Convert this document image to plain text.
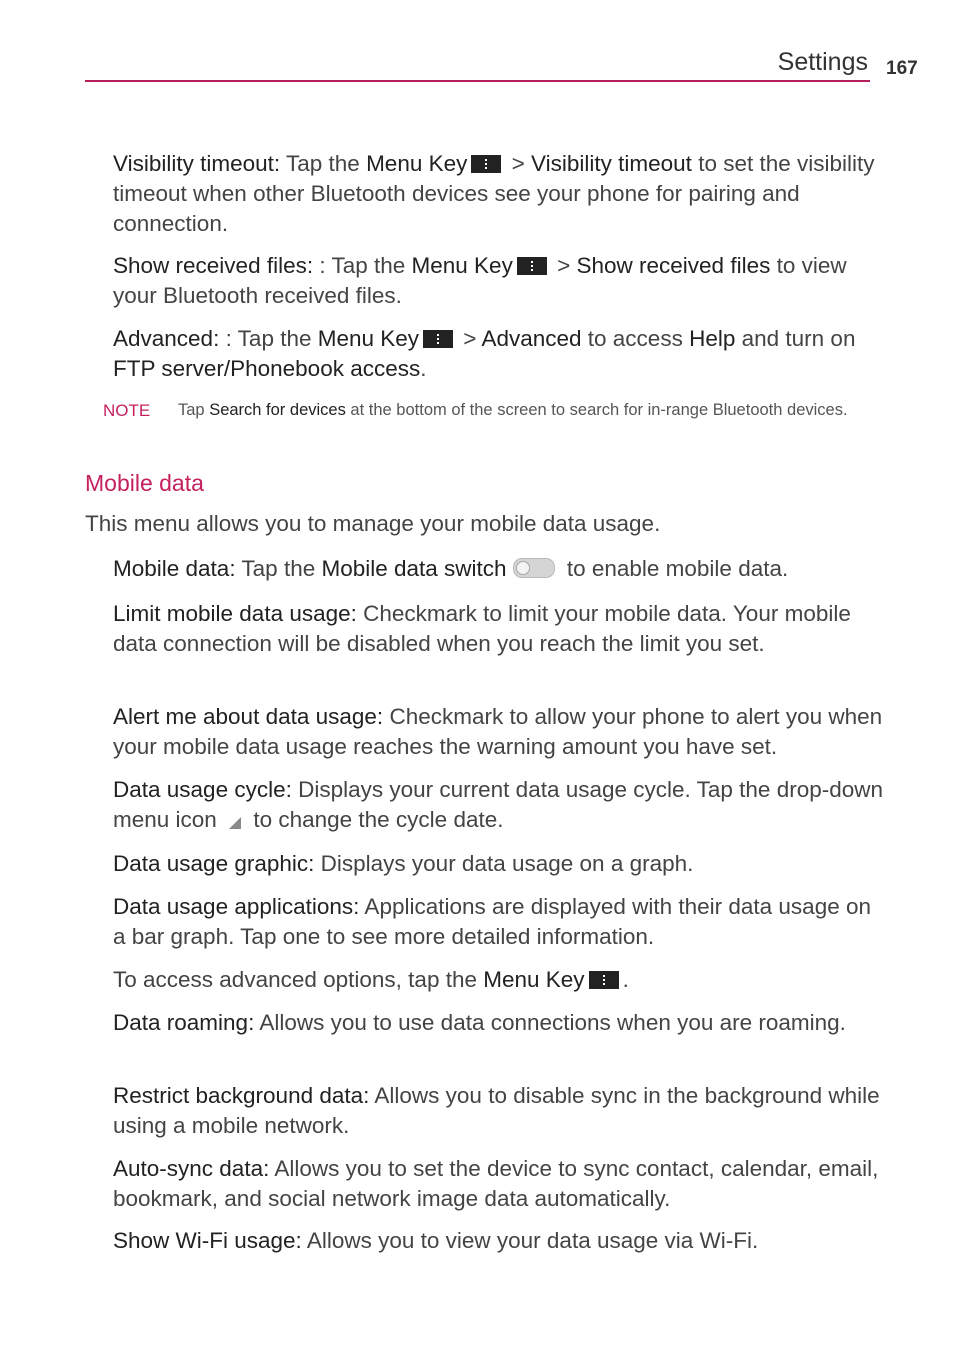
Settings 167

Visibility timeout: Tap the Menu Key > Visibility timeout to set the visibility timeout when other Bluetooth devices see your phone for pairing and connection.

Show received files: : Tap the Menu Key > Show received files to view your Bluetooth received files.

Advanced: : Tap the Menu Key > Advanced to access Help and turn on FTP server/Phonebook access.

NOTE Tap Search for devices at the bottom of the screen to search for in-range Bluetooth devices.

Mobile data

This menu allows you to manage your mobile data usage.

Mobile data: Tap the Mobile data switch to enable mobile data.

Limit mobile data usage: Checkmark to limit your mobile data. Your mobile data connection will be disabled when you reach the limit you set.

Alert me about data usage: Checkmark to allow your phone to alert you when your mobile data usage reaches the warning amount you have set.

Data usage cycle: Displays your current data usage cycle. Tap the drop-down menu icon  to change the cycle date.

Data usage graphic: Displays your data usage on a graph.

Data usage applications: Applications are displayed with their data usage on a bar graph. Tap one to see more detailed information.

To access advanced options, tap the Menu Key .

Data roaming: Allows you to use data connections when you are roaming.

Restrict background data: Allows you to disable sync in the background while using a mobile network.

Auto-sync data: Allows you to set the device to sync contact, calendar, email, bookmark, and social network image data automatically.

Show Wi-Fi usage: Allows you to view your data usage via Wi-Fi.
